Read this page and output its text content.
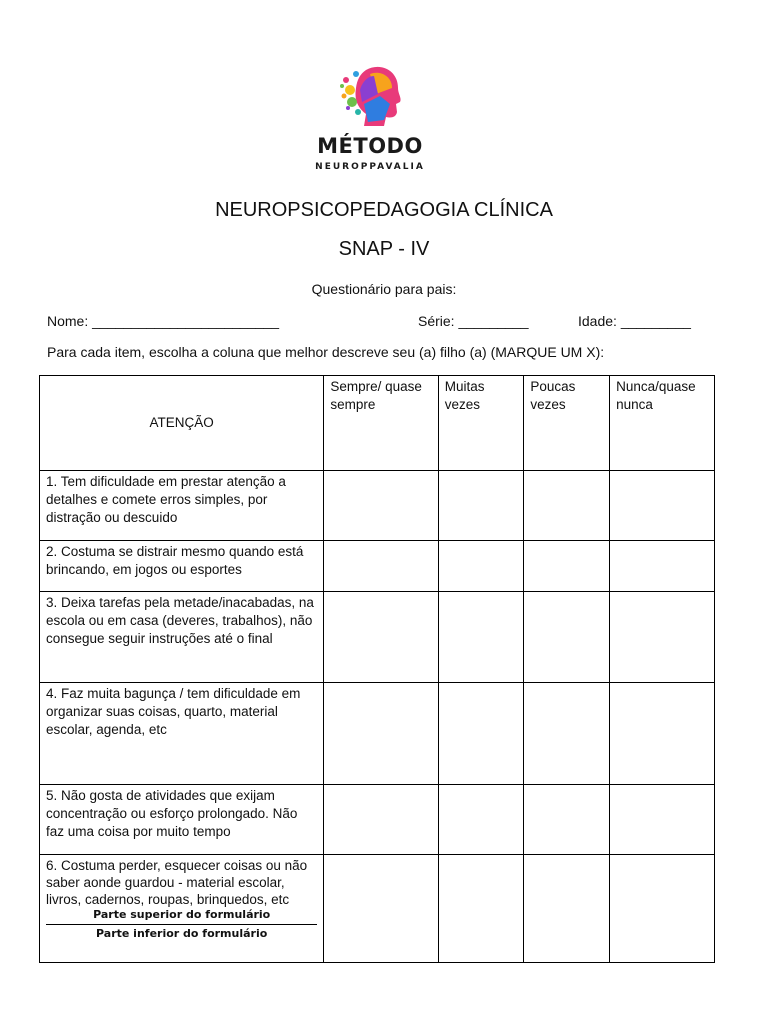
MÉTODO
NEUROPPAVALIA
NEUROPSICOPEDAGOGIA CLÍNICA
SNAP - IV
Questionário para pais:
Nome: ________________________	Série: _________	Idade: _________
Para cada item, escolha a coluna que melhor descreve seu (a) filho (a) (MARQUE UM X):
ATENÇÃO	Sempre/ quase sempre	Muitas vezes	Poucas vezes	Nunca/quase nunca
1. Tem dificuldade em prestar atenção a detalhes e comete erros simples, por distração ou descuido				
2. Costuma se distrair mesmo quando está brincando, em jogos ou esportes				
3. Deixa tarefas pela metade/inacabadas, na escola ou em casa (deveres, trabalhos), não consegue seguir instruções até o final				
4. Faz muita bagunça / tem dificuldade em organizar suas coisas, quarto, material escolar, agenda, etc				
5. Não gosta de atividades que exijam concentração ou esforço prolongado. Não faz uma coisa por muito tempo				
6. Costuma perder, esquecer coisas ou não saber aonde guardou - material escolar, livros, cadernos, roupas, brinquedos, etc
Parte superior do formulário
Parte inferior do formulário				
